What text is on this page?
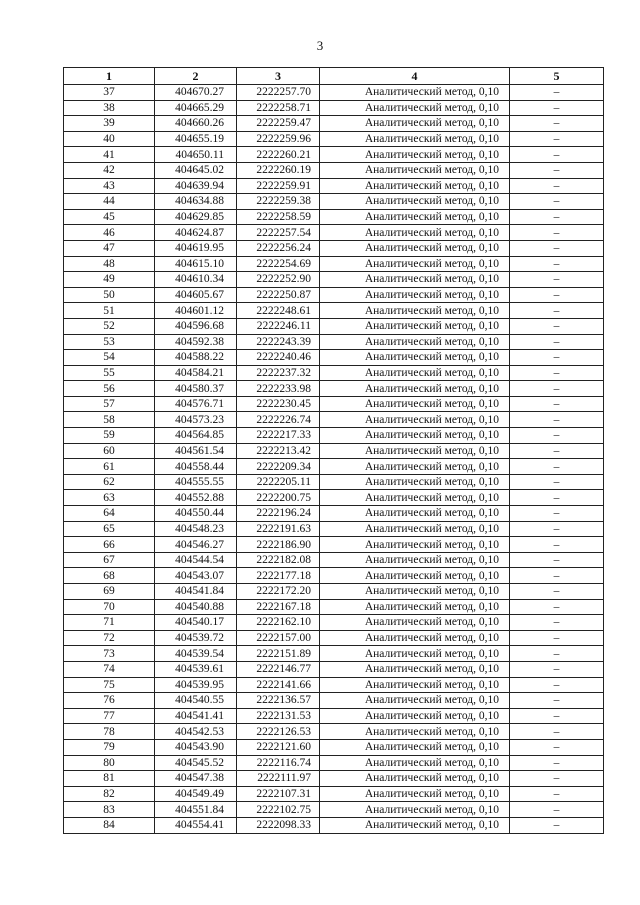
3
1	2	3	4	5
37	404670.27	2222257.70	Аналитический метод, 0,10	–
38	404665.29	2222258.71	Аналитический метод, 0,10	–
39	404660.26	2222259.47	Аналитический метод, 0,10	–
40	404655.19	2222259.96	Аналитический метод, 0,10	–
41	404650.11	2222260.21	Аналитический метод, 0,10	–
42	404645.02	2222260.19	Аналитический метод, 0,10	–
43	404639.94	2222259.91	Аналитический метод, 0,10	–
44	404634.88	2222259.38	Аналитический метод, 0,10	–
45	404629.85	2222258.59	Аналитический метод, 0,10	–
46	404624.87	2222257.54	Аналитический метод, 0,10	–
47	404619.95	2222256.24	Аналитический метод, 0,10	–
48	404615.10	2222254.69	Аналитический метод, 0,10	–
49	404610.34	2222252.90	Аналитический метод, 0,10	–
50	404605.67	2222250.87	Аналитический метод, 0,10	–
51	404601.12	2222248.61	Аналитический метод, 0,10	–
52	404596.68	2222246.11	Аналитический метод, 0,10	–
53	404592.38	2222243.39	Аналитический метод, 0,10	–
54	404588.22	2222240.46	Аналитический метод, 0,10	–
55	404584.21	2222237.32	Аналитический метод, 0,10	–
56	404580.37	2222233.98	Аналитический метод, 0,10	–
57	404576.71	2222230.45	Аналитический метод, 0,10	–
58	404573.23	2222226.74	Аналитический метод, 0,10	–
59	404564.85	2222217.33	Аналитический метод, 0,10	–
60	404561.54	2222213.42	Аналитический метод, 0,10	–
61	404558.44	2222209.34	Аналитический метод, 0,10	–
62	404555.55	2222205.11	Аналитический метод, 0,10	–
63	404552.88	2222200.75	Аналитический метод, 0,10	–
64	404550.44	2222196.24	Аналитический метод, 0,10	–
65	404548.23	2222191.63	Аналитический метод, 0,10	–
66	404546.27	2222186.90	Аналитический метод, 0,10	–
67	404544.54	2222182.08	Аналитический метод, 0,10	–
68	404543.07	2222177.18	Аналитический метод, 0,10	–
69	404541.84	2222172.20	Аналитический метод, 0,10	–
70	404540.88	2222167.18	Аналитический метод, 0,10	–
71	404540.17	2222162.10	Аналитический метод, 0,10	–
72	404539.72	2222157.00	Аналитический метод, 0,10	–
73	404539.54	2222151.89	Аналитический метод, 0,10	–
74	404539.61	2222146.77	Аналитический метод, 0,10	–
75	404539.95	2222141.66	Аналитический метод, 0,10	–
76	404540.55	2222136.57	Аналитический метод, 0,10	–
77	404541.41	2222131.53	Аналитический метод, 0,10	–
78	404542.53	2222126.53	Аналитический метод, 0,10	–
79	404543.90	2222121.60	Аналитический метод, 0,10	–
80	404545.52	2222116.74	Аналитический метод, 0,10	–
81	404547.38	2222111.97	Аналитический метод, 0,10	–
82	404549.49	2222107.31	Аналитический метод, 0,10	–
83	404551.84	2222102.75	Аналитический метод, 0,10	–
84	404554.41	2222098.33	Аналитический метод, 0,10	–
